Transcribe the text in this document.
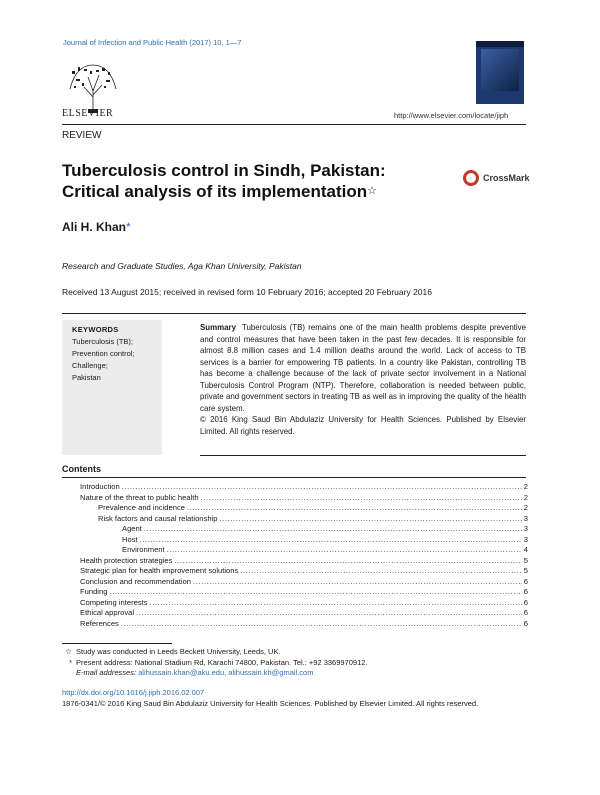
Journal of Infection and Public Health (2017) 10, 1—7
ELSEVIER	http://www.elsevier.com/locate/jiph
REVIEW
Tuberculosis control in Sindh, Pakistan:
Critical analysis of its implementation☆
CrossMark
Ali H. Khan*
Research and Graduate Studies, Aga Khan University, Pakistan
Received 13 August 2015; received in revised form 10 February 2016; accepted 20 February 2016
KEYWORDS
Tuberculosis (TB);
Prevention control;
Challenge;
Pakistan
Summary Tuberculosis (TB) remains one of the main health problems despite preventive and control measures that have been taken in the past few decades. It is responsible for almost 8.8 million cases and 1.4 million deaths around the world. Lack of access to TB services is a barrier for empowering TB patients. In a country like Pakistan, controlling TB has become a challenge because of the lack of private sector involvement in a National Tuberculosis Control Program (NTP). Therefore, collaboration is needed between public, private and government sectors in treating TB as well as in improving the quality of the health care system.
© 2016 King Saud Bin Abdulaziz University for Health Sciences. Published by Elsevier Limited. All rights reserved.
Contents
Introduction .....	2
Nature of the threat to public health .....	2
Prevalence and incidence .....	2
Risk factors and causal relationship .....	3
Agent .....	3
Host .....	3
Environment .....	4
Health protection strategies .....	5
Strategic plan for health improvement solutions .....	5
Conclusion and recommendation .....	6
Funding .....	6
Competing interests .....	6
Ethical approval .....	6
References .....	6
☆ Study was conducted in Leeds Beckett University, Leeds, UK.
* Present address: National Stadium Rd, Karachi 74800, Pakistan. Tel.: +92 3369970912.
E-mail addresses: alihussain.khan@aku.edu, alihussain.kh@gmail.com
http://dx.doi.org/10.1016/j.jiph.2016.02.007
1876-0341/© 2016 King Saud Bin Abdulaziz University for Health Sciences. Published by Elsevier Limited. All rights reserved.
